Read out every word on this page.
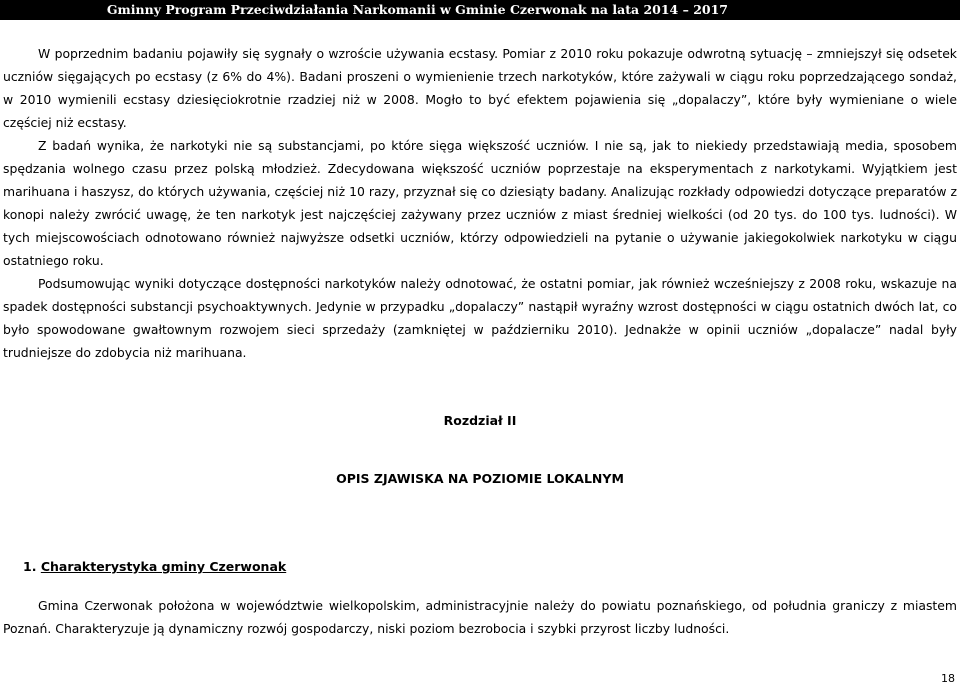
Gminny Program Przeciwdziałania Narkomanii w Gminie Czerwonak na lata 2014 – 2017

W poprzednim badaniu pojawiły się sygnały o wzroście używania ecstasy. Pomiar z 2010 roku pokazuje odwrotną sytuację – zmniejszył się odsetek uczniów sięgających po ecstasy (z 6% do 4%). Badani proszeni o wymienienie trzech narkotyków, które zażywali w ciągu roku poprzedzającego sondaż, w 2010 wymienili ecstasy dziesięciokrotnie rzadziej niż w 2008. Mogło to być efektem pojawienia się „dopalaczy”, które były wymieniane o wiele częściej niż ecstasy.

Z badań wynika, że narkotyki nie są substancjami, po które sięga większość uczniów. I nie są, jak to niekiedy przedstawiają media, sposobem spędzania wolnego czasu przez polską młodzież. Zdecydowana większość uczniów poprzestaje na eksperymentach z narkotykami. Wyjątkiem jest marihuana i haszysz, do których używania, częściej niż 10 razy, przyznał się co dziesiąty badany. Analizując rozkłady odpowiedzi dotyczące preparatów z konopi należy zwrócić uwagę, że ten narkotyk jest najczęściej zażywany przez uczniów z miast średniej wielkości (od 20 tys. do 100 tys. ludności). W tych miejscowościach odnotowano również najwyższe odsetki uczniów, którzy odpowiedzieli na pytanie o używanie jakiegokolwiek narkotyku w ciągu ostatniego roku.

Podsumowując wyniki dotyczące dostępności narkotyków należy odnotować, że ostatni pomiar, jak również wcześniejszy z 2008 roku, wskazuje na spadek dostępności substancji psychoaktywnych. Jedynie w przypadku „dopalaczy” nastąpił wyraźny wzrost dostępności w ciągu ostatnich dwóch lat, co było spowodowane gwałtownym rozwojem sieci sprzedaży (zamkniętej w październiku 2010). Jednakże w opinii uczniów „dopalacze” nadal były trudniejsze do zdobycia niż marihuana.

Rozdział II
OPIS ZJAWISKA NA POZIOMIE LOKALNYM
1. Charakterystyka gminy Czerwonak

Gmina Czerwonak położona w województwie wielkopolskim, administracyjnie należy do powiatu poznańskiego, od południa graniczy z miastem Poznań. Charakteryzuje ją dynamiczny rozwój gospodarczy, niski poziom bezrobocia i szybki przyrost liczby ludności.

18
